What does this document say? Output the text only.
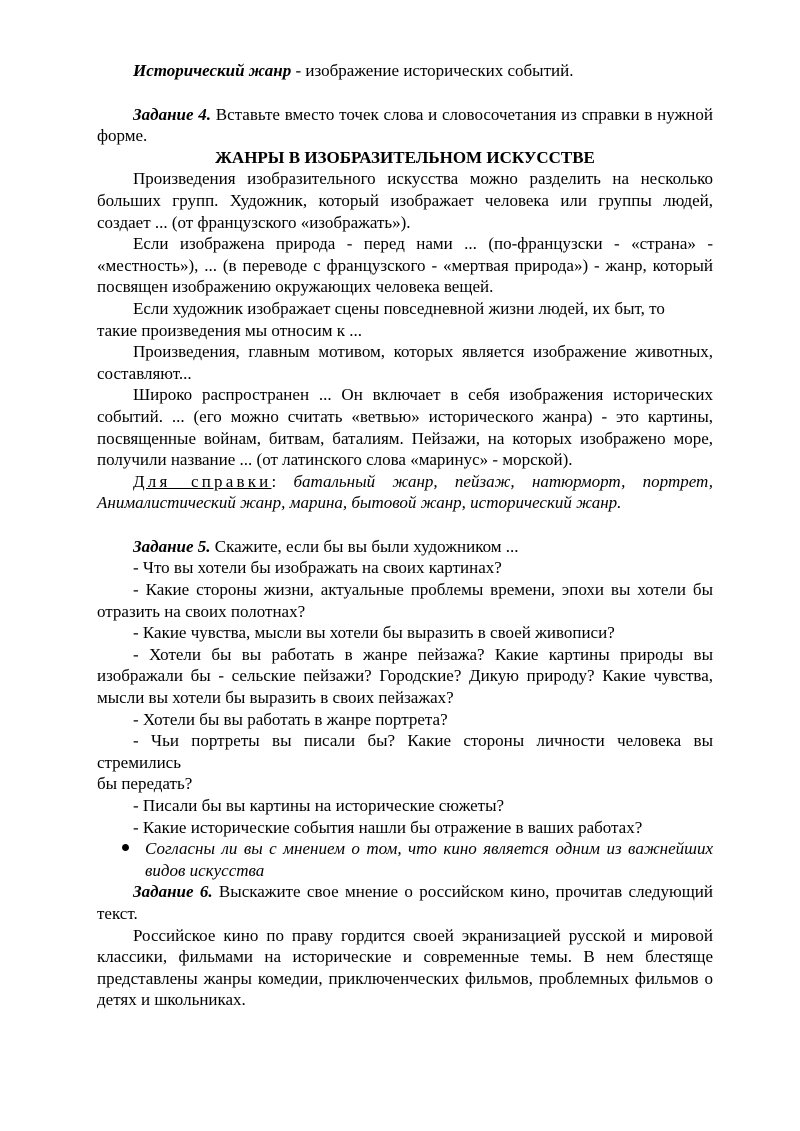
Исторический жанр - изображение исторических событий.

Задание 4. Вставьте вместо точек слова и словосочетания из справки в нужной форме.

ЖАНРЫ В ИЗОБРАЗИТЕЛЬНОМ ИСКУССТВЕ

Произведения изобразительного искусства можно разделить на несколько больших групп. Художник, который изображает человека или группы людей, создает ... (от французского «изображать»).

Если изображена природа - перед нами ... (по-французски - «страна» - «местность»), ... (в переводе с французского - «мертвая природа») - жанр, который посвящен изображению окружающих человека вещей.

Если художник изображает сцены повседневной жизни людей, их быт, то

такие произведения мы относим к ...

Произведения, главным мотивом, которых является изображение животных, составляют...

Широко распространен ... Он включает в себя изображения исторических событий. ... (его можно считать «ветвью» исторического жанра) - это картины, посвященные войнам, битвам, баталиям. Пейзажи, на которых изображено море, получили название ... (от латинского слова «маринус» - морской).

Для справки: батальный жанр, пейзаж, натюрморт, портрет, Анималистический жанр, марина, бытовой жанр, исторический жанр.

Задание 5. Скажите, если бы вы были художником ...

- Что вы хотели бы изображать на своих картинах?

- Какие стороны жизни, актуальные проблемы времени, эпохи вы хотели бы отразить на своих полотнах?

- Какие чувства, мысли вы хотели бы выразить в своей живописи?

- Хотели бы вы работать в жанре пейзажа? Какие картины природы вы изображали бы - сельские пейзажи? Городские? Дикую природу? Какие чувства, мысли вы хотели бы выразить в своих пейзажах?

- Хотели бы вы работать в жанре портрета?

- Чьи портреты вы писали бы? Какие стороны личности человека вы стремились

бы передать?

- Писали бы вы картины на исторические сюжеты?

- Какие исторические события нашли бы отражение в ваших работах?

Согласны ли вы с мнением о том, что кино является одним из важнейших видов искусства

Задание 6. Выскажите свое мнение о российском кино, прочитав следующий текст.

Российское кино по праву гордится своей экранизацией русской и мировой классики, фильмами на исторические и современные темы. В нем блестяще представлены жанры комедии, приключенческих фильмов, проблемных фильмов о детях и школьниках.
